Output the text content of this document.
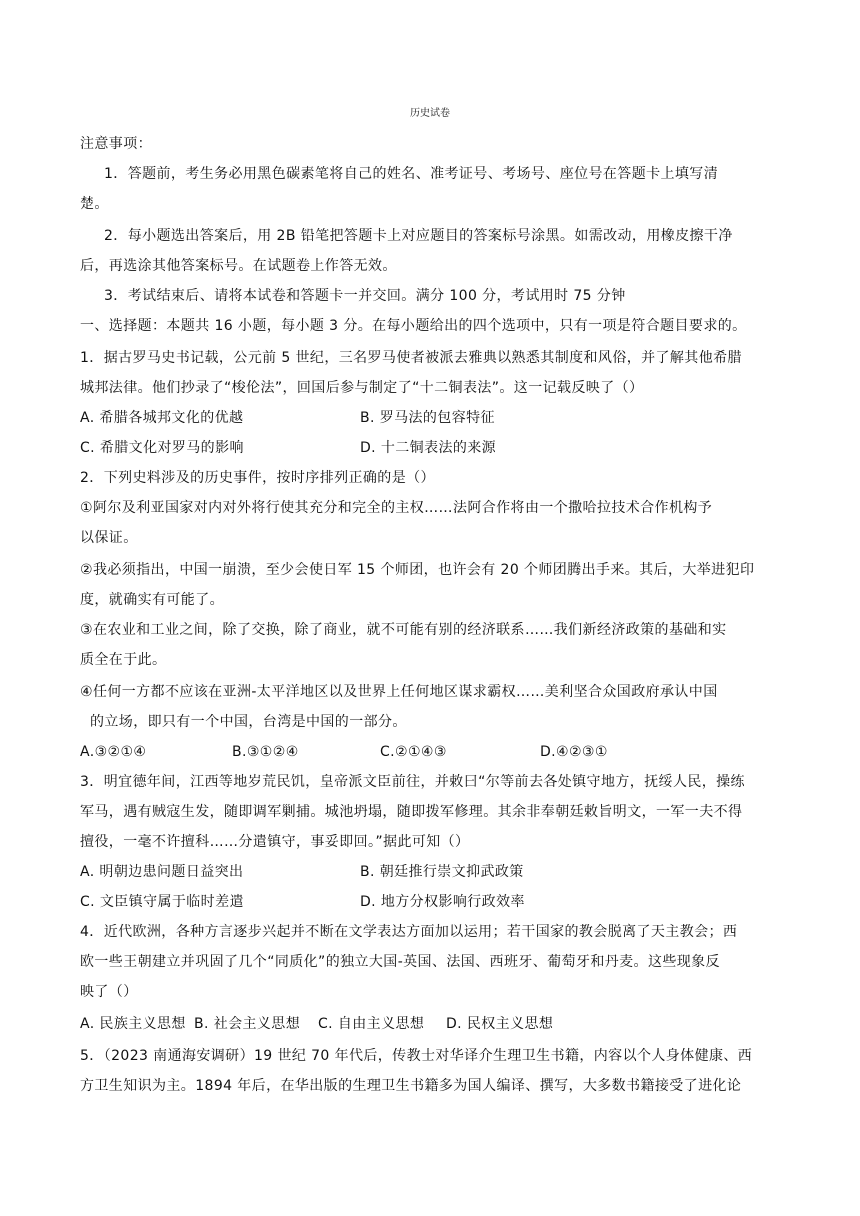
历史试卷
注意事项：
1．答题前，考生务必用黑色碳素笔将自己的姓名、准考证号、考场号、座位号在答题卡上填写清
楚。
2．每小题选出答案后，用 2B 铅笔把答题卡上对应题目的答案标号涂黑。如需改动，用橡皮擦干净
后，再选涂其他答案标号。在试题卷上作答无效。
3．考试结束后、请将本试卷和答题卡一并交回。满分 100 分，考试用时 75 分钟
一、选择题：本题共 16 小题，每小题 3 分。在每小题给出的四个选项中，只有一项是符合题目要求的。
1．据古罗马史书记载，公元前 5 世纪，三名罗马使者被派去雅典以熟悉其制度和风俗，并了解其他希腊
城邦法律。他们抄录了“梭伦法”，回国后参与制定了“十二铜表法”。这一记载反映了（）
A. 希腊各城邦文化的优越	B. 罗马法的包容特征
C. 希腊文化对罗马的影响	D. 十二铜表法的来源
2．下列史料涉及的历史事件，按时序排列正确的是（）
①阿尔及利亚国家对内对外将行使其充分和完全的主权……法阿合作将由一个撒哈拉技术合作机构予
以保证。
②我必须指出，中国一崩溃，至少会使日军 15 个师团，也许会有 20 个师团腾出手来。其后，大举进犯印
度，就确实有可能了。
③在农业和工业之间，除了交换，除了商业，就不可能有别的经济联系……我们新经济政策的基础和实
质全在于此。
④任何一方都不应该在亚洲-太平洋地区以及世界上任何地区谋求霸权……美利坚合众国政府承认中国
的立场，即只有一个中国，台湾是中国的一部分。
A.③②①④	B.③①②④	C.②①④③	D.④②③①
3．明宜德年间，江西等地岁荒民饥，皇帝派文臣前往，并敕曰“尔等前去各处镇守地方，抚绥人民，操练
军马，遇有贼寇生发，随即调军剿捕。城池坍塌，随即拨军修理。其余非奉朝廷敕旨明文，一军一夫不得
擅役，一毫不许擅科……分遣镇守，事妥即回。”据此可知（）
A. 明朝边患问题日益突出	B. 朝廷推行崇文抑武政策
C. 文臣镇守属于临时差遣	D. 地方分权影响行政效率
4．近代欧洲，各种方言逐步兴起并不断在文学表达方面加以运用；若干国家的教会脱离了天主教会；西
欧一些王朝建立并巩固了几个“同质化”的独立大国-英国、法国、西班牙、葡萄牙和丹麦。这些现象反
映了（）
A. 民族主义思想 B. 社会主义思想 C. 自由主义思想 D. 民权主义思想
5．（2023 南通海安调研）19 世纪 70 年代后，传教士对华译介生理卫生书籍，内容以个人身体健康、西
方卫生知识为主。1894 年后，在华出版的生理卫生书籍多为国人编译、撰写，大多数书籍接受了进化论
